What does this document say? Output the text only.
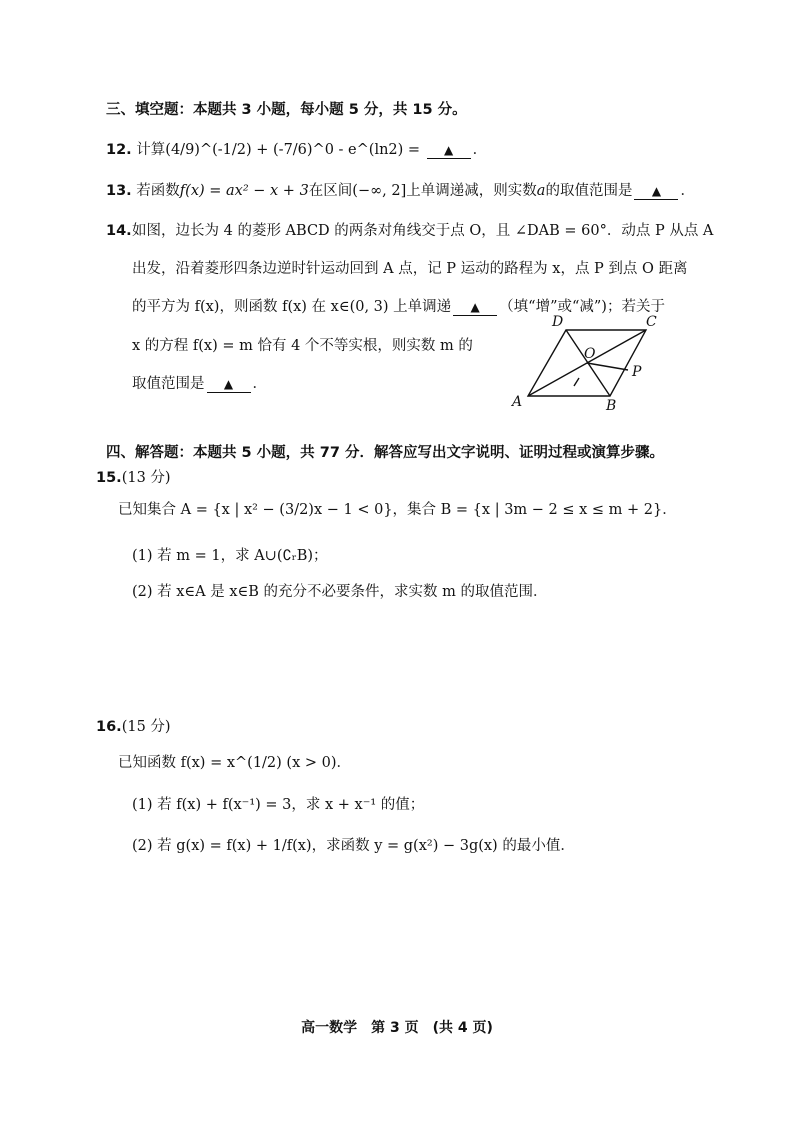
三、填空题：本题共 3 小题，每小题 5 分，共 15 分。
12. 计算(4/9)^(-1/2) + (-7/6)^0 - e^(ln2) = ▲ ．
13. 若函数f(x) = ax² − x + 3在区间(−∞, 2]上单调递减，则实数a的取值范围是 ▲ ．
14. 如图，边长为 4 的菱形 ABCD 的两条对角线交于点 O，且 ∠DAB = 60°．动点 P 从点 A
出发，沿着菱形四条边逆时针运动回到 A 点，记 P 运动的路程为 x，点 P 到点 O 距离
的平方为 f(x)，则函数 f(x) 在 x∈(0, 3) 上单调递 ▲ （填“增”或“减”)；若关于
x 的方程 f(x) = m 恰有 4 个不等实根，则实数 m 的
取值范围是 ▲ ．
D	C
O
P
A	B
四、解答题：本题共 5 小题，共 77 分．解答应写出文字说明、证明过程或演算步骤。
15.(13 分)
已知集合 A = {x | x² − (3/2)x − 1 < 0}，集合 B = {x | 3m − 2 ≤ x ≤ m + 2}．
(1) 若 m = 1，求 A∪(∁ᵣB)；
(2) 若 x∈A 是 x∈B 的充分不必要条件，求实数 m 的取值范围．
16.(15 分)
已知函数 f(x) = x^(1/2) (x > 0)．
(1) 若 f(x) + f(x⁻¹) = 3，求 x + x⁻¹ 的值；
(2) 若 g(x) = f(x) + 1/f(x)，求函数 y = g(x²) − 3g(x) 的最小值．
高一数学　第 3 页　(共 4 页)
